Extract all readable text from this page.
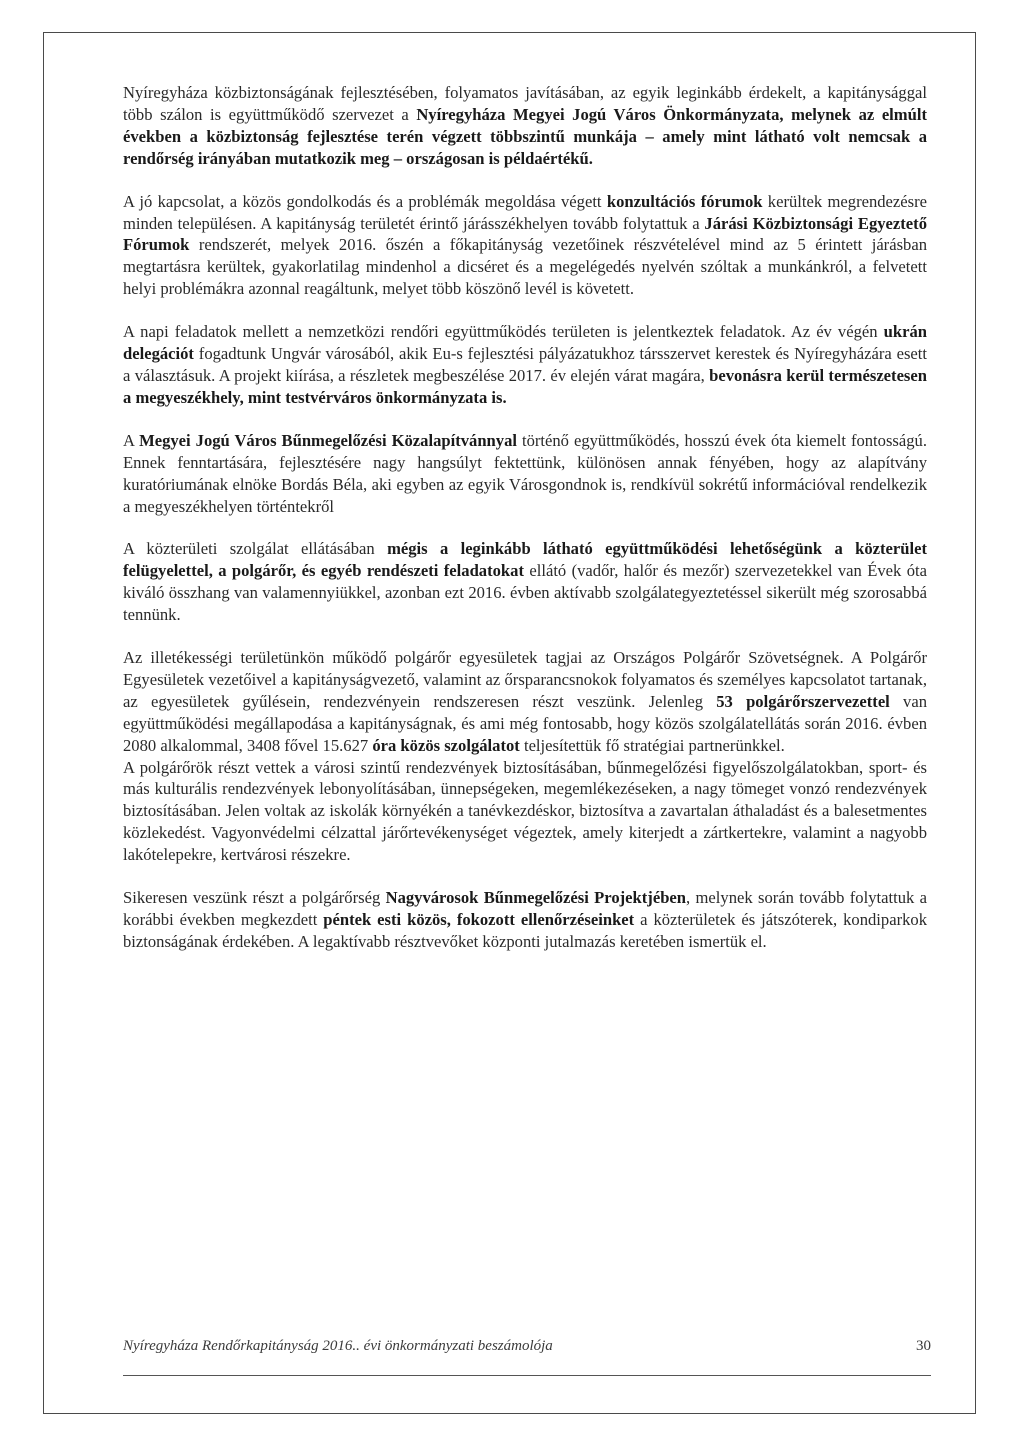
Nyíregyháza közbiztonságának fejlesztésében, folyamatos javításában, az egyik leginkább érdekelt, a kapitánysággal több szálon is együttműködő szervezet a Nyíregyháza Megyei Jogú Város Önkormányzata, melynek az elmúlt években a közbiztonság fejlesztése terén végzett többszintű munkája – amely mint látható volt nemcsak a rendőrség irányában mutatkozik meg – országosan is példaértékű.

A jó kapcsolat, a közös gondolkodás és a problémák megoldása végett konzultációs fórumok kerültek megrendezésre minden településen. A kapitányság területét érintő járásszékhelyen tovább folytattuk a Járási Közbiztonsági Egyeztető Fórumok rendszerét, melyek 2016. őszén a főkapitányság vezetőinek részvételével mind az 5 érintett járásban megtartásra kerültek, gyakorlatilag mindenhol a dicséret és a megelégedés nyelvén szóltak a munkánkról, a felvetett helyi problémákra azonnal reagáltunk, melyet több köszönő levél is követett.

A napi feladatok mellett a nemzetközi rendőri együttműködés területen is jelentkeztek feladatok. Az év végén ukrán delegációt fogadtunk Ungvár városából, akik Eu-s fejlesztési pályázatukhoz társszervet kerestek és Nyíregyházára esett a választásuk. A projekt kiírása, a részletek megbeszélése 2017. év elején várat magára, bevonásra kerül természetesen a megyeszékhely, mint testvérváros önkormányzata is.

A Megyei Jogú Város Bűnmegelőzési Közalapítvánnyal történő együttműködés, hosszú évek óta kiemelt fontosságú. Ennek fenntartására, fejlesztésére nagy hangsúlyt fektettünk, különösen annak fényében, hogy az alapítvány kuratóriumának elnöke Bordás Béla, aki egyben az egyik Városgondnok is, rendkívül sokrétű információval rendelkezik a megyeszékhelyen történtekről

A közterületi szolgálat ellátásában mégis a leginkább látható együttműködési lehetőségünk a közterület felügyelettel, a polgárőr, és egyéb rendészeti feladatokat ellátó (vadőr, halőr és mezőr) szervezetekkel van Évek óta kiváló összhang van valamennyiükkel, azonban ezt 2016. évben aktívabb szolgálategyeztetéssel sikerült még szorosabbá tennünk.

Az illetékességi területünkön működő polgárőr egyesületek tagjai az Országos Polgárőr Szövetségnek. A Polgárőr Egyesületek vezetőivel a kapitányságvezető, valamint az őrsparancsnokok folyamatos és személyes kapcsolatot tartanak, az egyesületek gyűlésein, rendezvényein rendszeresen részt veszünk. Jelenleg 53 polgárőrszervezettel van együttműködési megállapodása a kapitányságnak, és ami még fontosabb, hogy közös szolgálatellátás során 2016. évben 2080 alkalommal, 3408 fővel 15.627 óra közös szolgálatot teljesítettük fő stratégiai partnerünkkel.

A polgárőrök részt vettek a városi szintű rendezvények biztosításában, bűnmegelőzési figyelőszolgálatokban, sport- és más kulturális rendezvények lebonyolításában, ünnepségeken, megemlékezéseken, a nagy tömeget vonzó rendezvények biztosításában. Jelen voltak az iskolák környékén a tanévkezdéskor, biztosítva a zavartalan áthaladást és a balesetmentes közlekedést. Vagyonvédelmi célzattal járőrtevékenységet végeztek, amely kiterjedt a zártkertekre, valamint a nagyobb lakótelepekre, kertvárosi részekre.

Sikeresen veszünk részt a polgárőrség Nagyvárosok Bűnmegelőzési Projektjében, melynek során tovább folytattuk a korábbi években megkezdett péntek esti közös, fokozott ellenőrzéseinket a közterületek és játszóterek, kondiparkok biztonságának érdekében. A legaktívabb résztvevőket központi jutalmazás keretében ismertük el.

Nyíregyháza Rendőrkapitányság 2016.. évi önkormányzati beszámolója	30
